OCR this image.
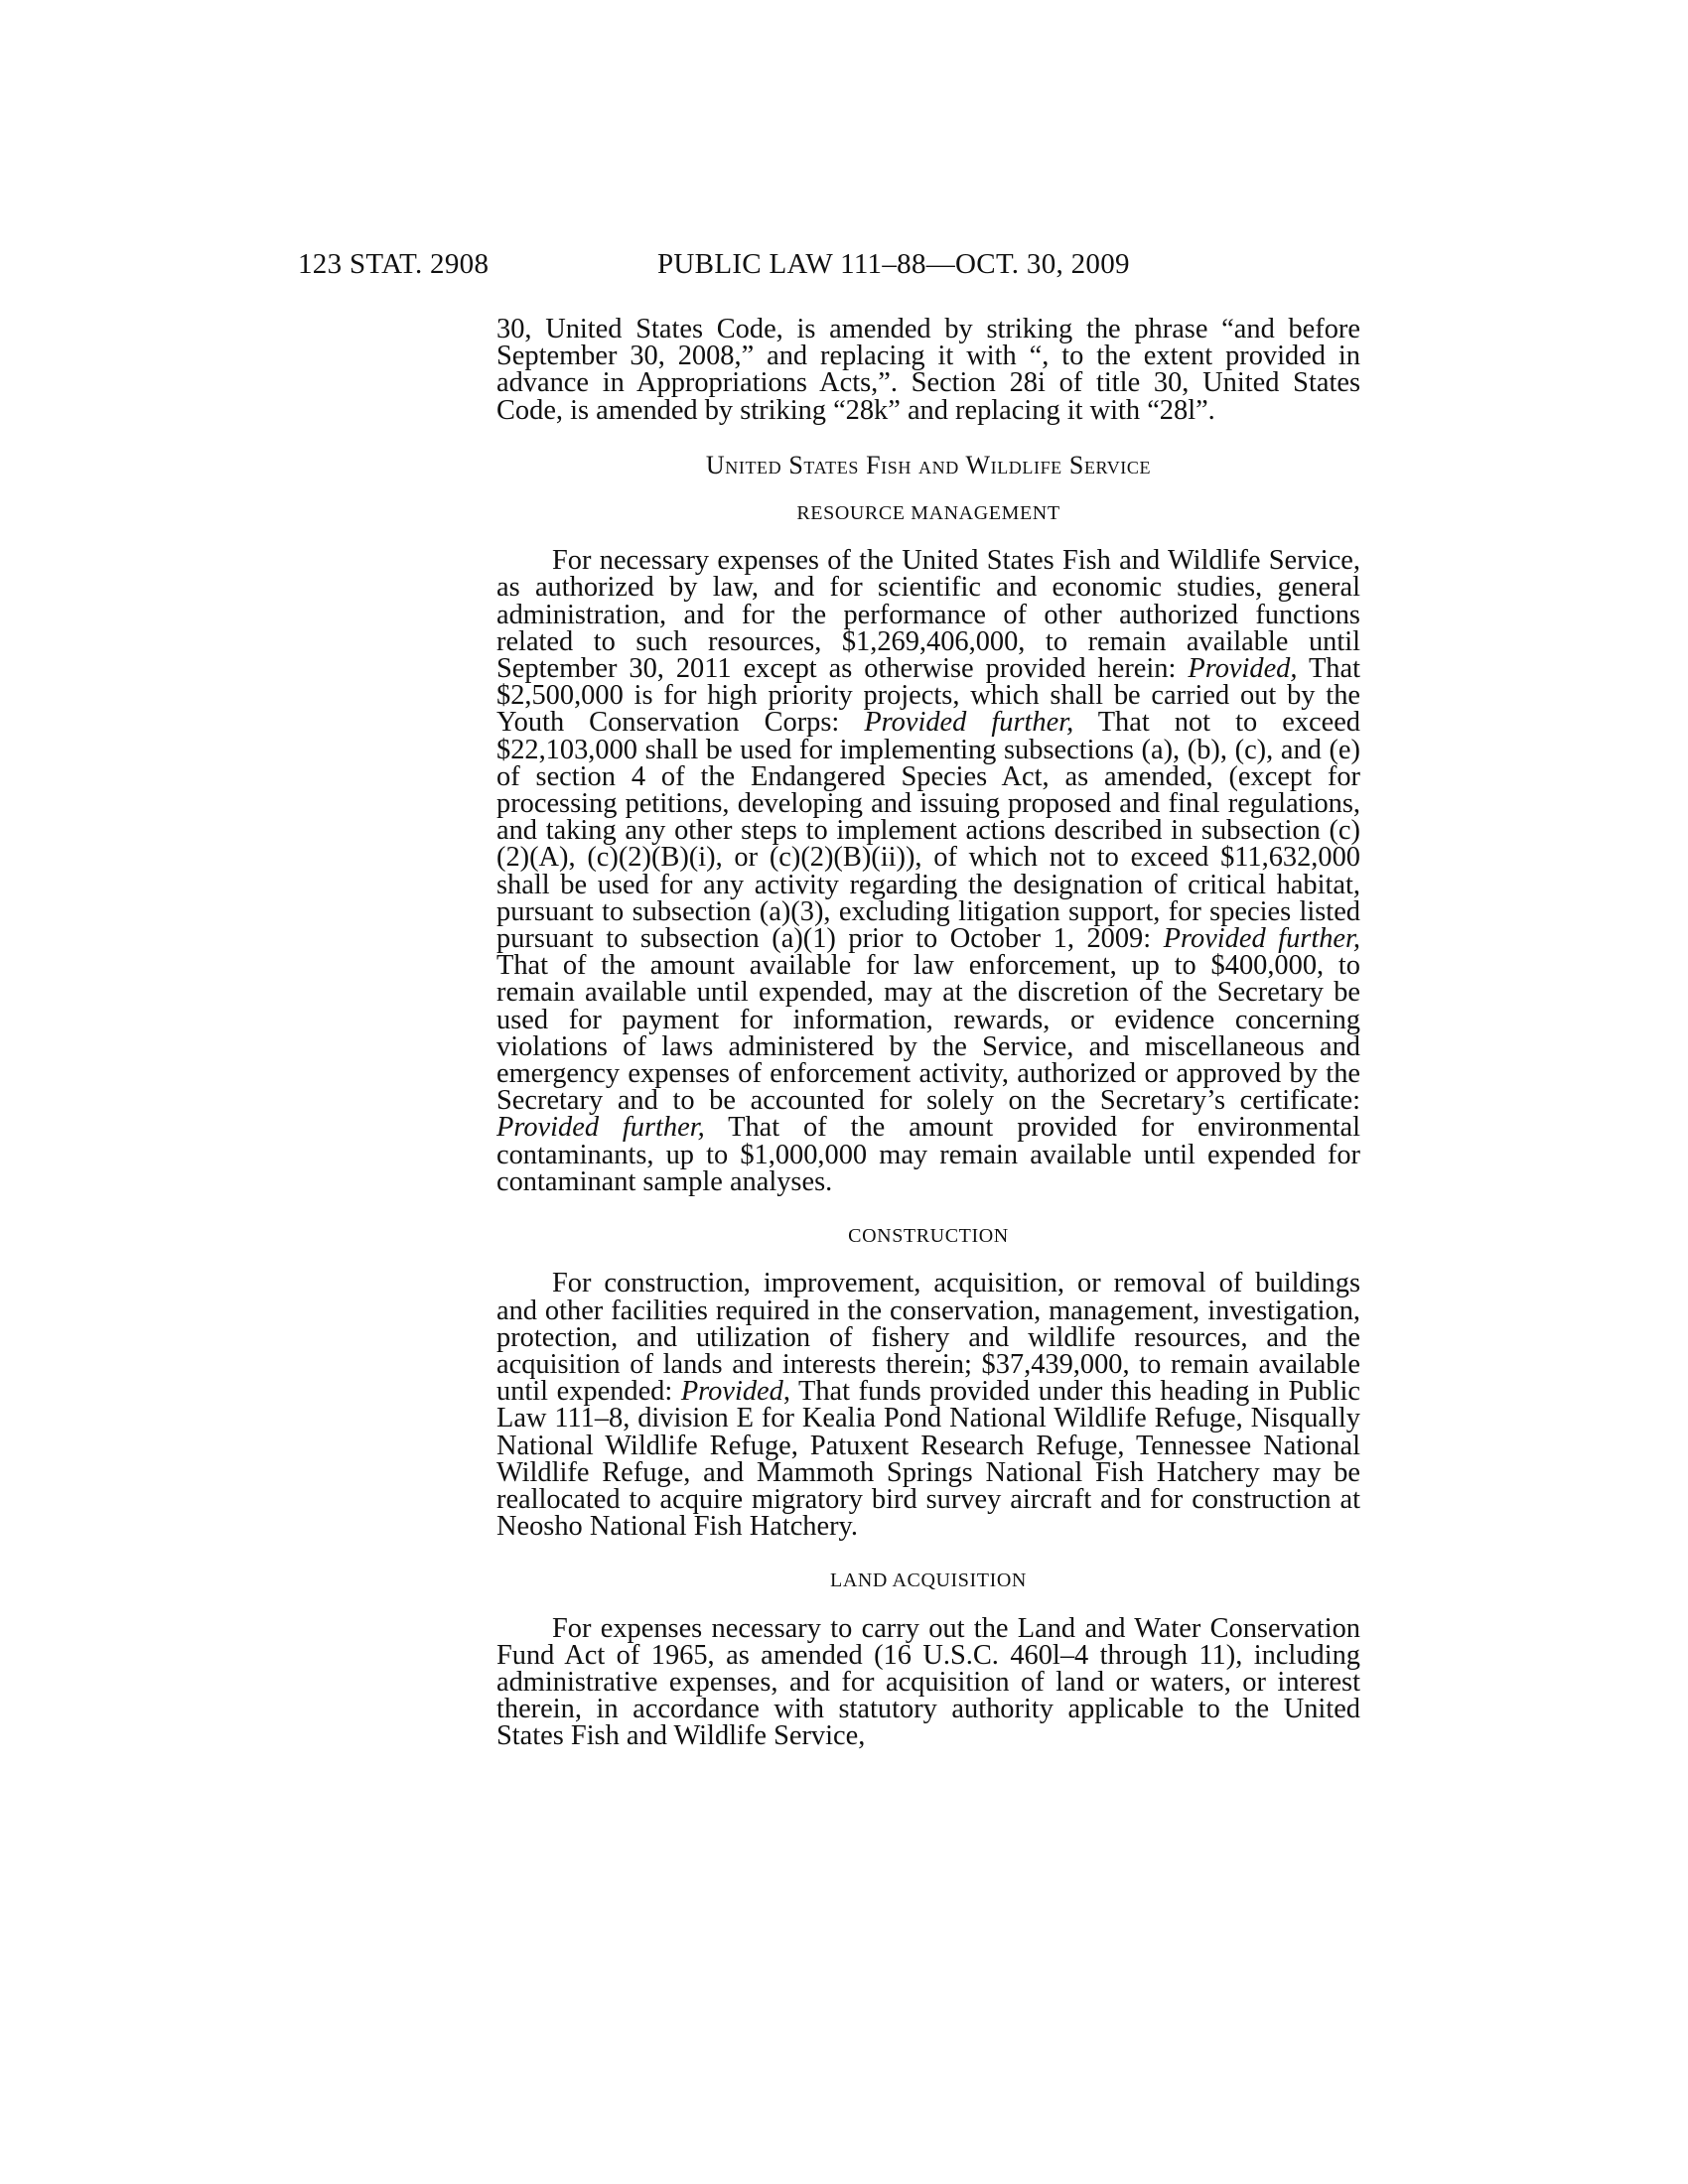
123 STAT. 2908	PUBLIC LAW 111–88—OCT. 30, 2009

30, United States Code, is amended by striking the phrase “and before September 30, 2008,” and replacing it with “, to the extent provided in advance in Appropriations Acts,”. Section 28i of title 30, United States Code, is amended by striking “28k” and replacing it with “28l”.

United States Fish and Wildlife Service
RESOURCE MANAGEMENT

For necessary expenses of the United States Fish and Wildlife Service, as authorized by law, and for scientific and economic studies, general administration, and for the performance of other authorized functions related to such resources, $1,269,406,000, to remain available until September 30, 2011 except as otherwise provided herein: Provided, That $2,500,000 is for high priority projects, which shall be carried out by the Youth Conservation Corps: Provided further, That not to exceed $22,103,000 shall be used for implementing subsections (a), (b), (c), and (e) of section 4 of the Endangered Species Act, as amended, (except for processing petitions, developing and issuing proposed and final regulations, and taking any other steps to implement actions described in subsection (c)(2)(A), (c)(2)(B)(i), or (c)(2)(B)(ii)), of which not to exceed $11,632,000 shall be used for any activity regarding the designation of critical habitat, pursuant to subsection (a)(3), excluding litigation support, for species listed pursuant to subsection (a)(1) prior to October 1, 2009: Provided further, That of the amount available for law enforcement, up to $400,000, to remain available until expended, may at the discretion of the Secretary be used for payment for information, rewards, or evidence concerning violations of laws administered by the Service, and miscellaneous and emergency expenses of enforcement activity, authorized or approved by the Secretary and to be accounted for solely on the Secretary’s certificate: Provided further, That of the amount provided for environmental contaminants, up to $1,000,000 may remain available until expended for contaminant sample analyses.

CONSTRUCTION

For construction, improvement, acquisition, or removal of buildings and other facilities required in the conservation, management, investigation, protection, and utilization of fishery and wildlife resources, and the acquisition of lands and interests therein; $37,439,000, to remain available until expended: Provided, That funds provided under this heading in Public Law 111–8, division E for Kealia Pond National Wildlife Refuge, Nisqually National Wildlife Refuge, Patuxent Research Refuge, Tennessee National Wildlife Refuge, and Mammoth Springs National Fish Hatchery may be reallocated to acquire migratory bird survey aircraft and for construction at Neosho National Fish Hatchery.

LAND ACQUISITION

For expenses necessary to carry out the Land and Water Conservation Fund Act of 1965, as amended (16 U.S.C. 460l–4 through 11), including administrative expenses, and for acquisition of land or waters, or interest therein, in accordance with statutory authority applicable to the United States Fish and Wildlife Service,
